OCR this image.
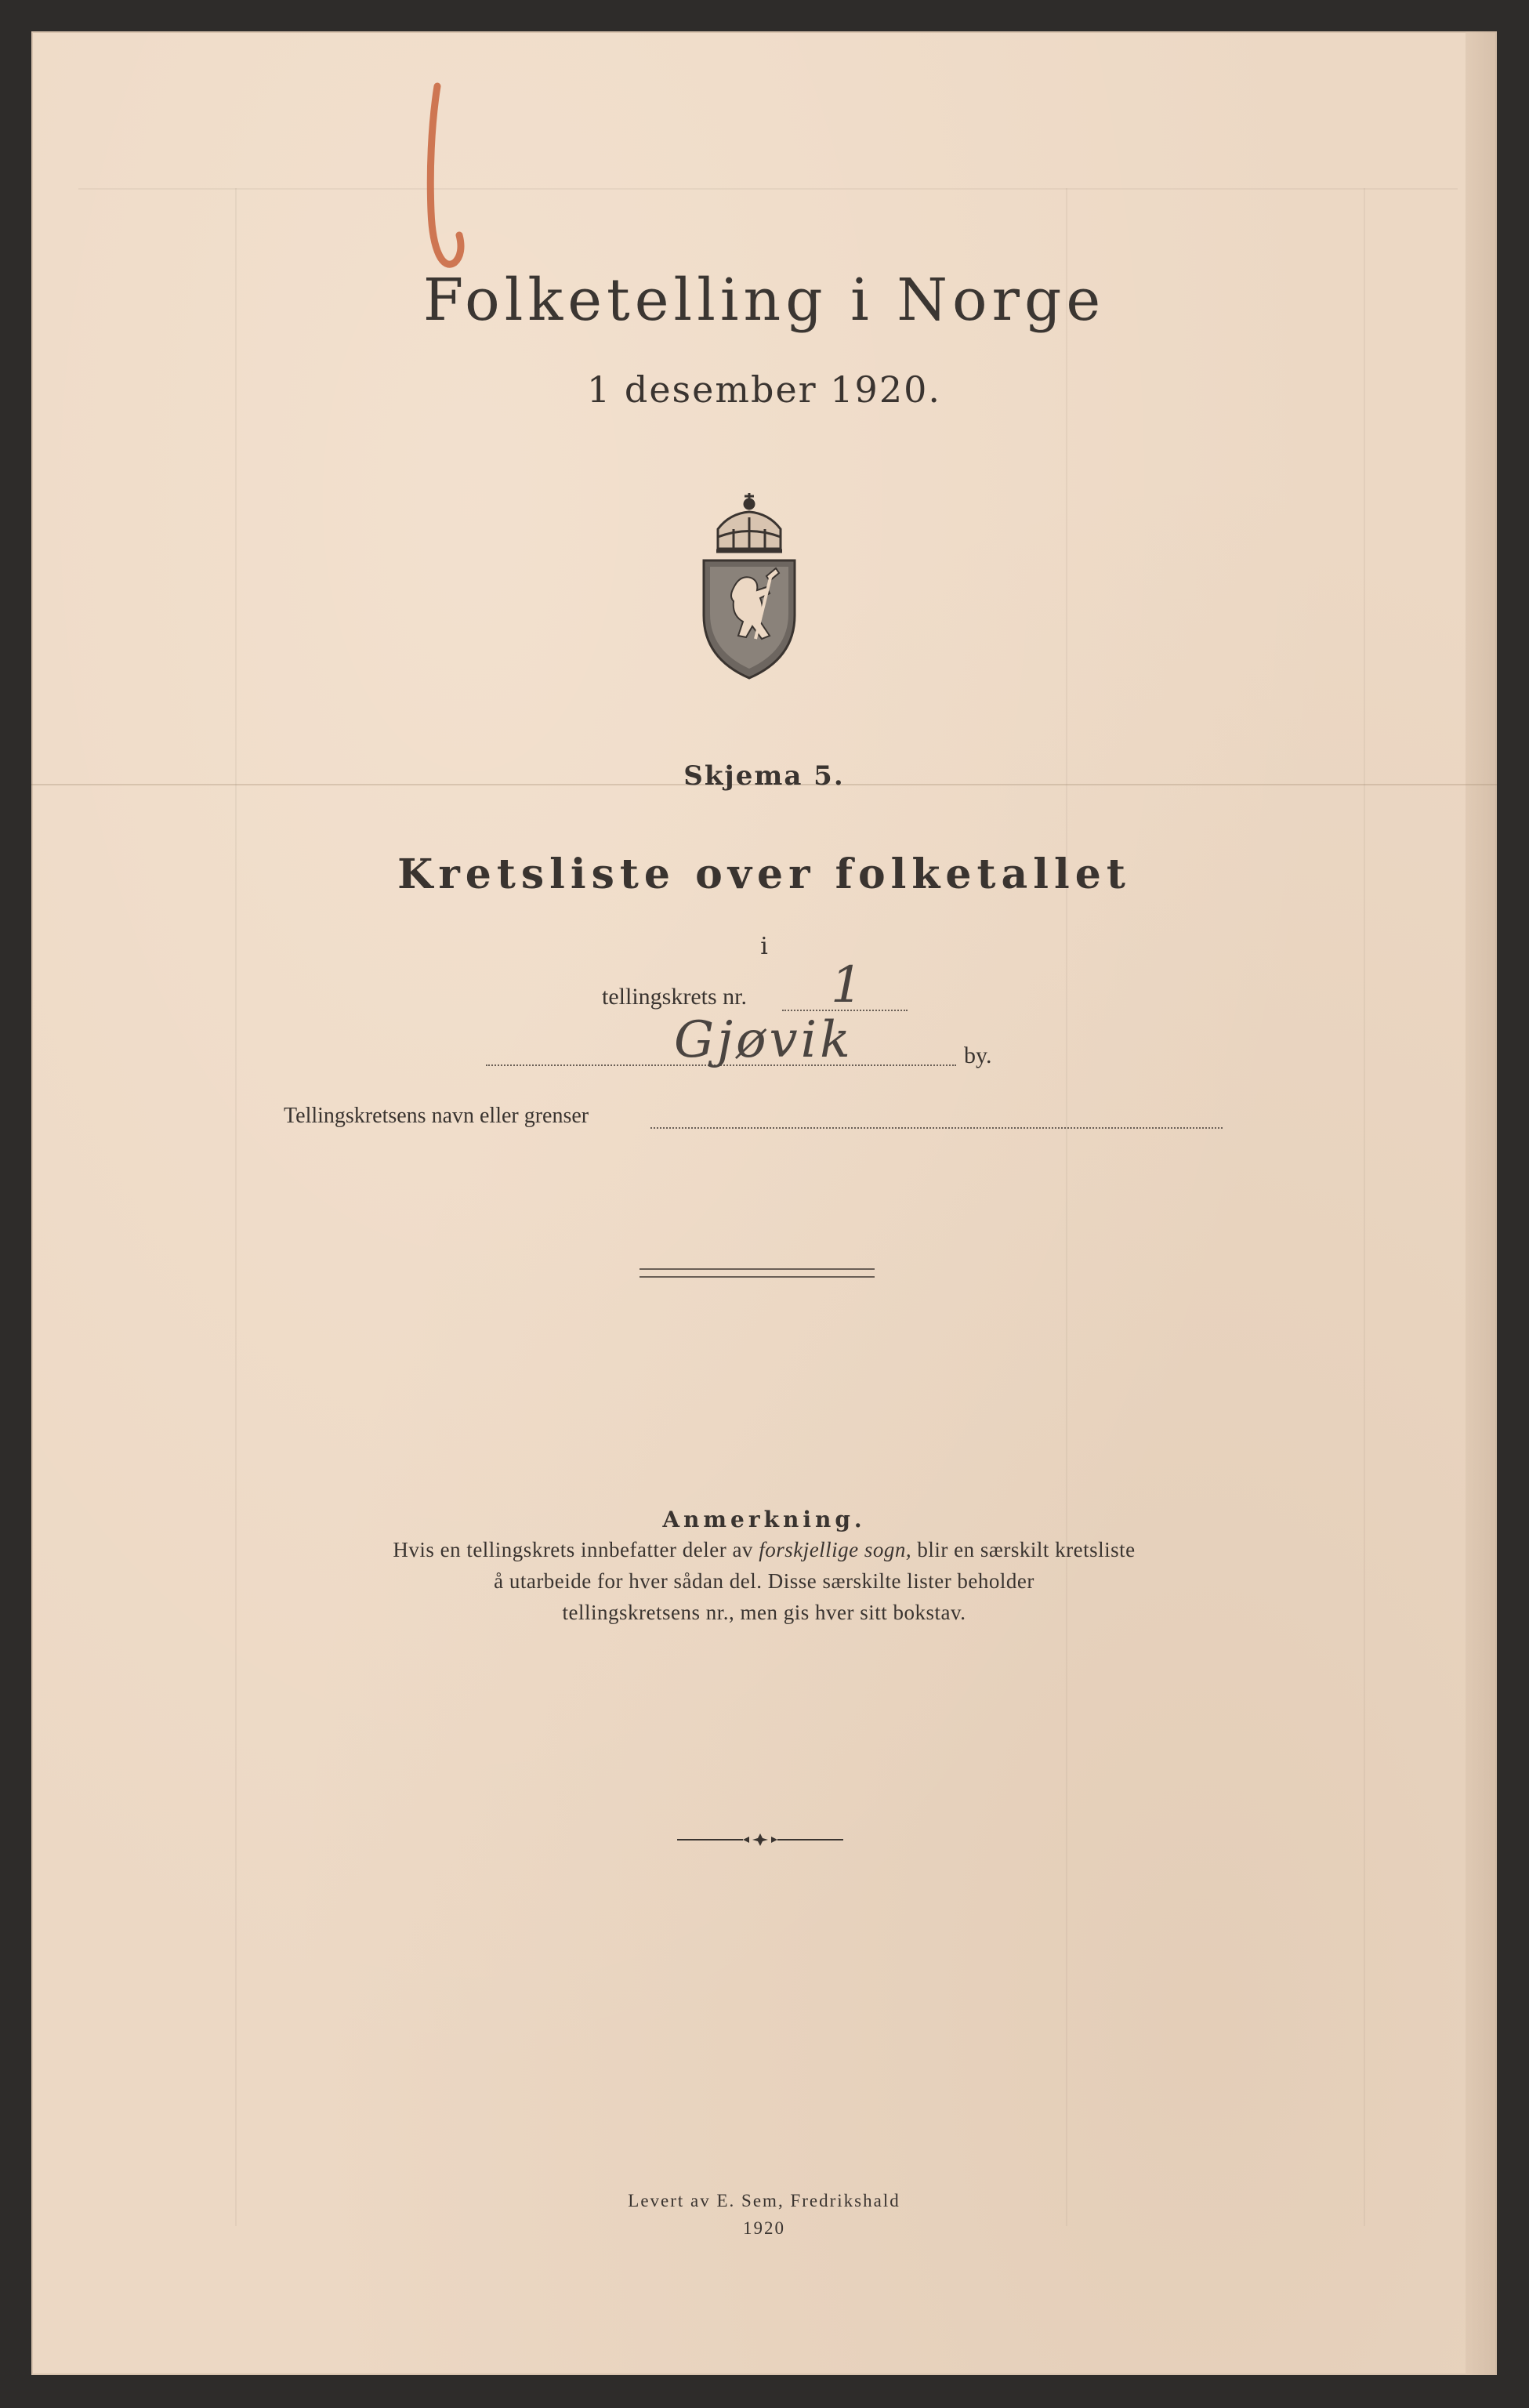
Folketelling i Norge
1 desember 1920.
Skjema 5.
Kretsliste over folketallet
i
tellingskrets nr. 1
Gjøvik	by.
Tellingskretsens navn eller grenser
Anmerkning.
Hvis en tellingskrets innbefatter deler av forskjellige sogn, blir en særskilt kretsliste
å utarbeide for hver sådan del. Disse særskilte lister beholder
tellingskretsens nr., men gis hver sitt bokstav.
Levert av E. Sem, Fredrikshald
1920
